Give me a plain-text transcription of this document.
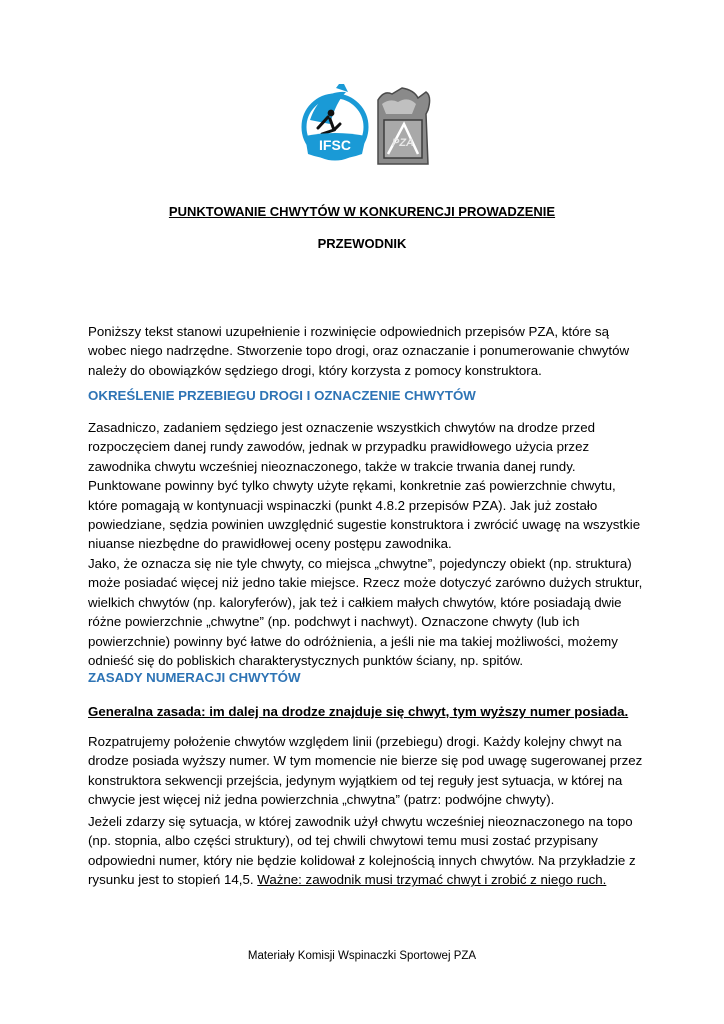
IFSC	PZA
PUNKTOWANIE CHWYTÓW W KONKURENCJI PROWADZENIE
PRZEWODNIK

Poniższy tekst stanowi uzupełnienie i rozwinięcie odpowiednich przepisów PZA, które są wobec niego nadrzędne. Stworzenie topo drogi, oraz oznaczanie i ponumerowanie chwytów należy do obowiązków sędziego drogi, który korzysta z pomocy konstruktora.

OKREŚLENIE PRZEBIEGU DROGI I OZNACZENIE CHWYTÓW

Zasadniczo, zadaniem sędziego jest oznaczenie wszystkich chwytów na drodze przed rozpoczęciem danej rundy zawodów, jednak w przypadku prawidłowego użycia przez zawodnika chwytu wcześniej nieoznaczonego, także w trakcie trwania danej rundy. Punktowane powinny być tylko chwyty użyte rękami, konkretnie zaś powierzchnie chwytu, które pomagają w kontynuacji wspinaczki (punkt 4.8.2 przepisów PZA). Jak już zostało powiedziane, sędzia powinien uwzględnić sugestie konstruktora i zwrócić uwagę na wszystkie niuanse niezbędne do prawidłowej oceny postępu zawodnika.

Jako, że oznacza się nie tyle chwyty, co miejsca „chwytne”, pojedynczy obiekt (np. struktura) może posiadać więcej niż jedno takie miejsce. Rzecz może dotyczyć zarówno dużych struktur, wielkich chwytów (np. kaloryferów), jak też i całkiem małych chwytów, które posiadają dwie różne powierzchnie „chwytne” (np. podchwyt i nachwyt). Oznaczone chwyty (lub ich powierzchnie) powinny być łatwe do odróżnienia, a jeśli nie ma takiej możliwości, możemy odnieść się do pobliskich charakterystycznych punktów ściany, np. spitów.

ZASADY NUMERACJI CHWYTÓW

Generalna zasada: im dalej na drodze znajduje się chwyt, tym wyższy numer posiada.

Rozpatrujemy położenie chwytów względem linii (przebiegu) drogi. Każdy kolejny chwyt na drodze posiada wyższy numer. W tym momencie nie bierze się pod uwagę sugerowanej przez konstruktora sekwencji przejścia, jedynym wyjątkiem od tej reguły jest sytuacja, w której na chwycie jest więcej niż jedna powierzchnia „chwytna” (patrz: podwójne chwyty).

Jeżeli zdarzy się sytuacja, w której zawodnik użył chwytu wcześniej nieoznaczonego na topo (np. stopnia, albo części struktury), od tej chwili chwytowi temu musi zostać przypisany odpowiedni numer, który nie będzie kolidował z kolejnością innych chwytów. Na przykładzie z rysunku jest to stopień 14,5. Ważne: zawodnik musi trzymać chwyt i zrobić z niego ruch.

Materiały Komisji Wspinaczki Sportowej PZA
